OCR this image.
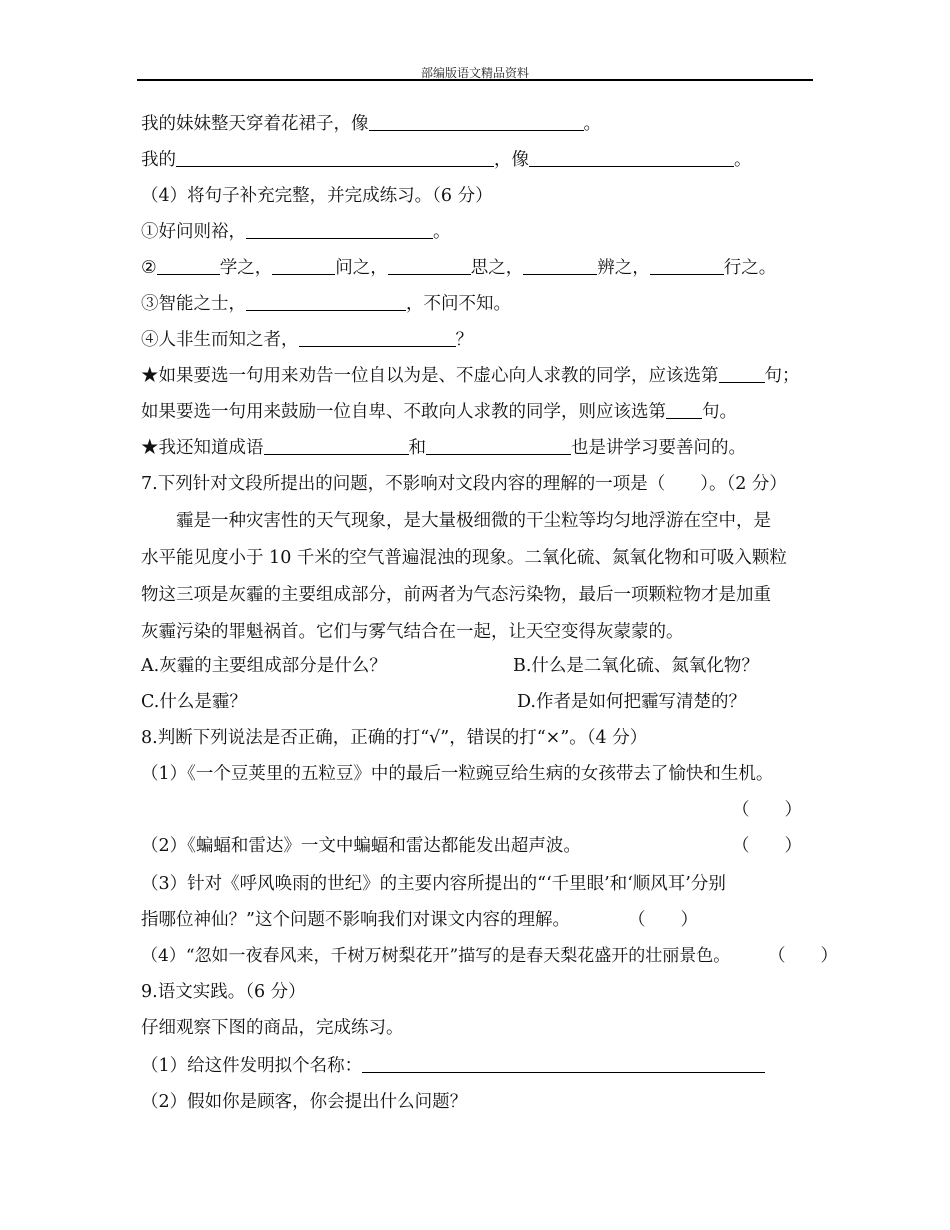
部编版语文精品资料
我的妹妹整天穿着花裙子，像	。
我的	，像	。
（4）将句子补充完整，并完成练习。（6 分）
①好问则裕，	。
②	学之，	问之，	思之，	辨之，	行之。
③智能之士，	，不问不知。
④人非生而知之者，	？
★如果要选一句用来劝告一位自以为是、不虚心向人求教的同学，应该选第	句；
如果要选一句用来鼓励一位自卑、不敢向人求教的同学，则应该选第 句。
★我还知道成语	和	也是讲学习要善问的。
7.下列针对文段所提出的问题，不影响对文段内容的理解的一项是（　　）。（2 分）
　　霾是一种灾害性的天气现象，是大量极细微的干尘粒等均匀地浮游在空中，是
水平能见度小于 10 千米的空气普遍混浊的现象。二氧化硫、氮氧化物和可吸入颗粒
物这三项是灰霾的主要组成部分，前两者为气态污染物，最后一项颗粒物才是加重
灰霾污染的罪魁祸首。它们与雾气结合在一起，让天空变得灰蒙蒙的。
A.灰霾的主要组成部分是什么？	B.什么是二氧化硫、氮氧化物？
C.什么是霾？	D.作者是如何把霾写清楚的？
8.判断下列说法是否正确，正确的打“√”，错误的打“×”。（4 分）
（1）《一个豆荚里的五粒豆》中的最后一粒豌豆给生病的女孩带去了愉快和生机。
（　　）
（2）《蝙蝠和雷达》一文中蝙蝠和雷达都能发出超声波。	（　　）
（3）针对《呼风唤雨的世纪》的主要内容所提出的“‘千里眼’和‘顺风耳’分别
指哪位神仙？”这个问题不影响我们对课文内容的理解。	（　　）
（4）“忽如一夜春风来，千树万树梨花开”描写的是春天梨花盛开的壮丽景色。 （　　）
9.语文实践。（6 分）
仔细观察下图的商品，完成练习。
（1）给这件发明拟个名称：
（2）假如你是顾客，你会提出什么问题？
